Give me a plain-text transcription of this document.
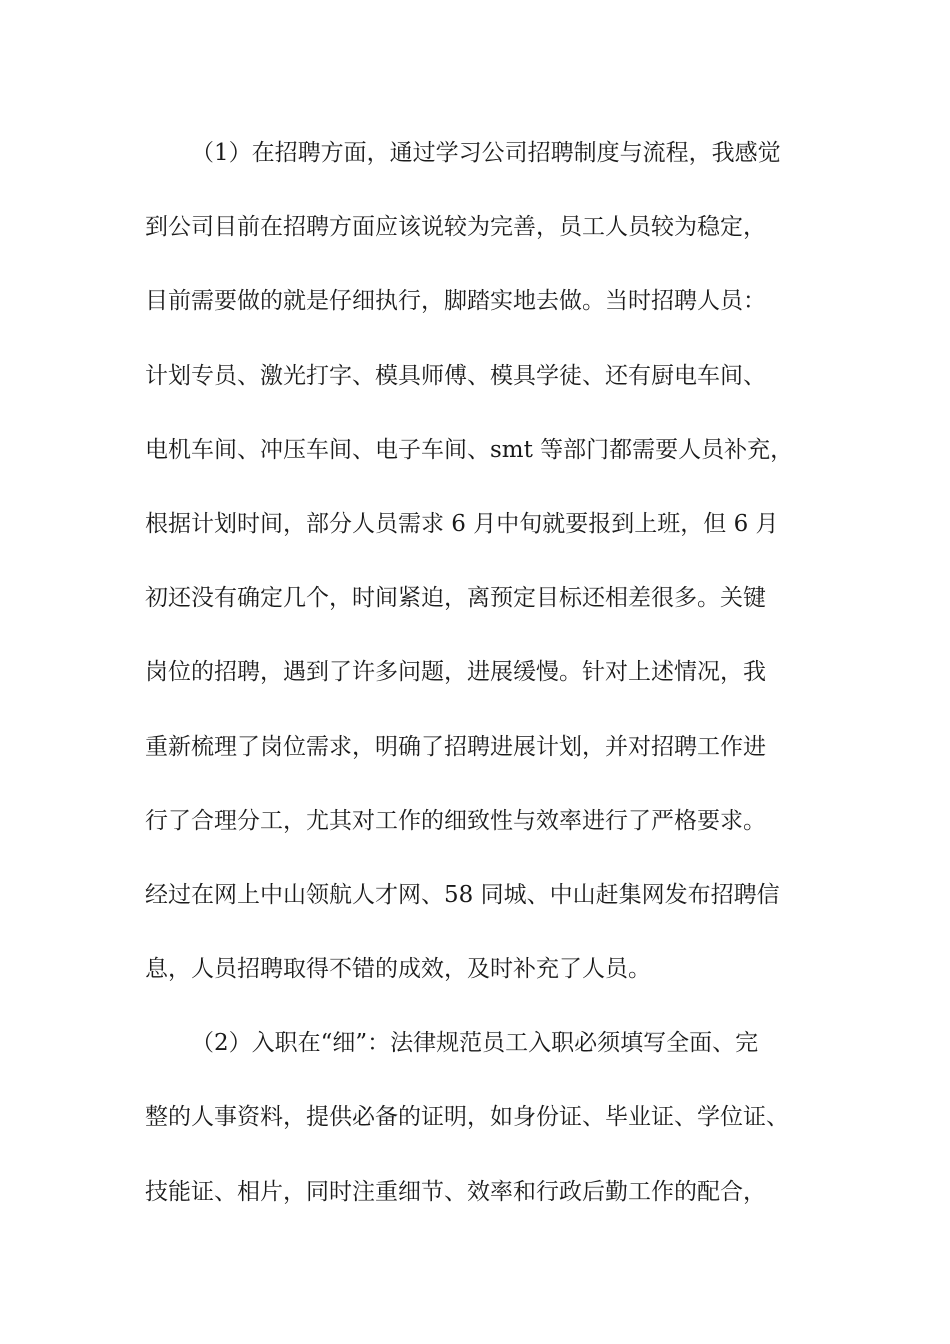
（1）在招聘方面，通过学习公司招聘制度与流程，我感觉
到公司目前在招聘方面应该说较为完善，员工人员较为稳定，
目前需要做的就是仔细执行，脚踏实地去做。当时招聘人员：
计划专员、激光打字、模具师傅、模具学徒、还有厨电车间、
电机车间、冲压车间、电子车间、smt 等部门都需要人员补充，
根据计划时间，部分人员需求 6 月中旬就要报到上班，但 6 月
初还没有确定几个，时间紧迫，离预定目标还相差很多。关键
岗位的招聘，遇到了许多问题，进展缓慢。针对上述情况，我
重新梳理了岗位需求，明确了招聘进展计划，并对招聘工作进
行了合理分工，尤其对工作的细致性与效率进行了严格要求。
经过在网上中山领航人才网、58 同城、中山赶集网发布招聘信
息，人员招聘取得不错的成效，及时补充了人员。
（2）入职在“细”：法律规范员工入职必须填写全面、完
整的人事资料，提供必备的证明，如身份证、毕业证、学位证、
技能证、相片，同时注重细节、效率和行政后勤工作的配合，
